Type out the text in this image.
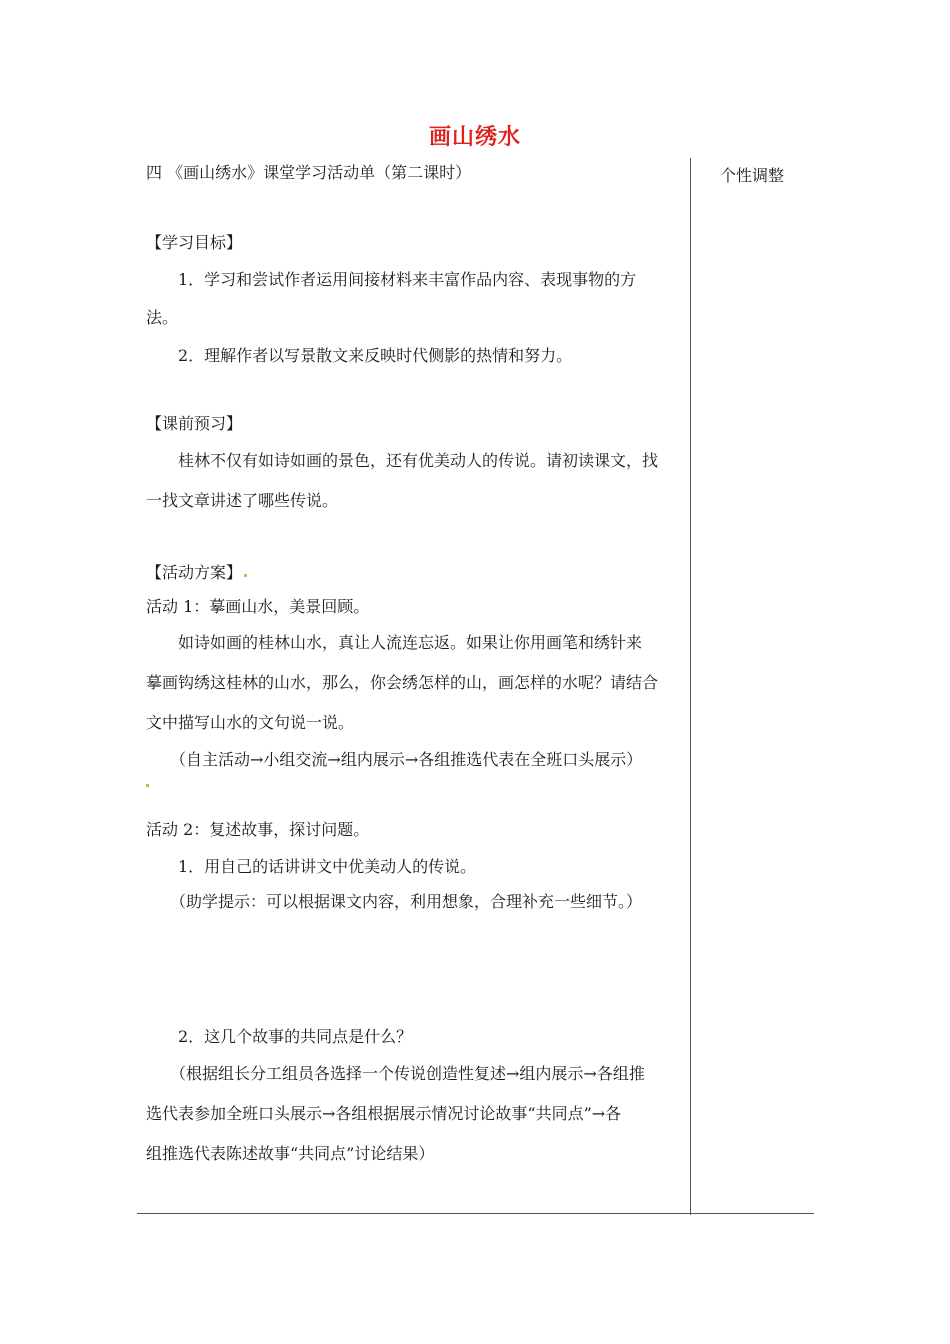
画山绣水
个性调整
四 《画山绣水》课堂学习活动单（第二课时）
【学习目标】
1．学习和尝试作者运用间接材料来丰富作品内容、表现事物的方
法。
2．理解作者以写景散文来反映时代侧影的热情和努力。
【课前预习】
桂林不仅有如诗如画的景色，还有优美动人的传说。请初读课文，找
一找文章讲述了哪些传说。
【活动方案】
活动 1：摹画山水，美景回顾。
如诗如画的桂林山水，真让人流连忘返。如果让你用画笔和绣针来
摹画钩绣这桂林的山水，那么，你会绣怎样的山，画怎样的水呢？请结合
文中描写山水的文句说一说。
（自主活动→小组交流→组内展示→各组推选代表在全班口头展示）
活动 2：复述故事，探讨问题。
1．用自己的话讲讲文中优美动人的传说。
（助学提示：可以根据课文内容，利用想象，合理补充一些细节。）
2．这几个故事的共同点是什么？
（根据组长分工组员各选择一个传说创造性复述→组内展示→各组推
选代表参加全班口头展示→各组根据展示情况讨论故事“共同点”→各
组推选代表陈述故事“共同点”讨论结果）
